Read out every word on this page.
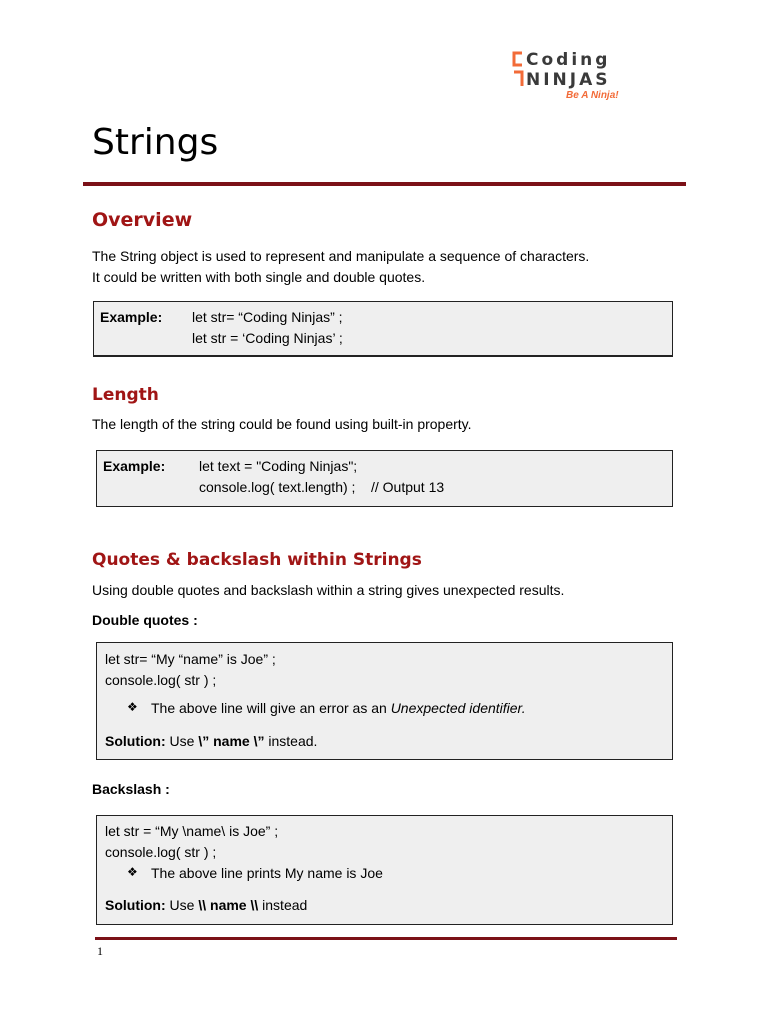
Coding
NINJAS
Be A Ninja!
Strings
Overview

The String object is used to represent and manipulate a sequence of characters.

It could be written with both single and double quotes.

Example: let str= “Coding Ninjas” ;
let str = ‘Coding Ninjas’ ;
Length

The length of the string could be found using built-in property.

Example: let text = "Coding Ninjas";
console.log( text.length) ;    // Output 13
Quotes & backslash within Strings

Using double quotes and backslash within a string gives unexpected results.

Double quotes :

let str= “My “name” is Joe” ;
console.log( str ) ;
❖ The above line will give an error as an Unexpected identifier.
Solution: Use \” name \” instead.

Backslash :

let str = “My \name\ is Joe” ;
console.log( str ) ;
❖ The above line prints My name is Joe
Solution: Use \\ name \\ instead
1
